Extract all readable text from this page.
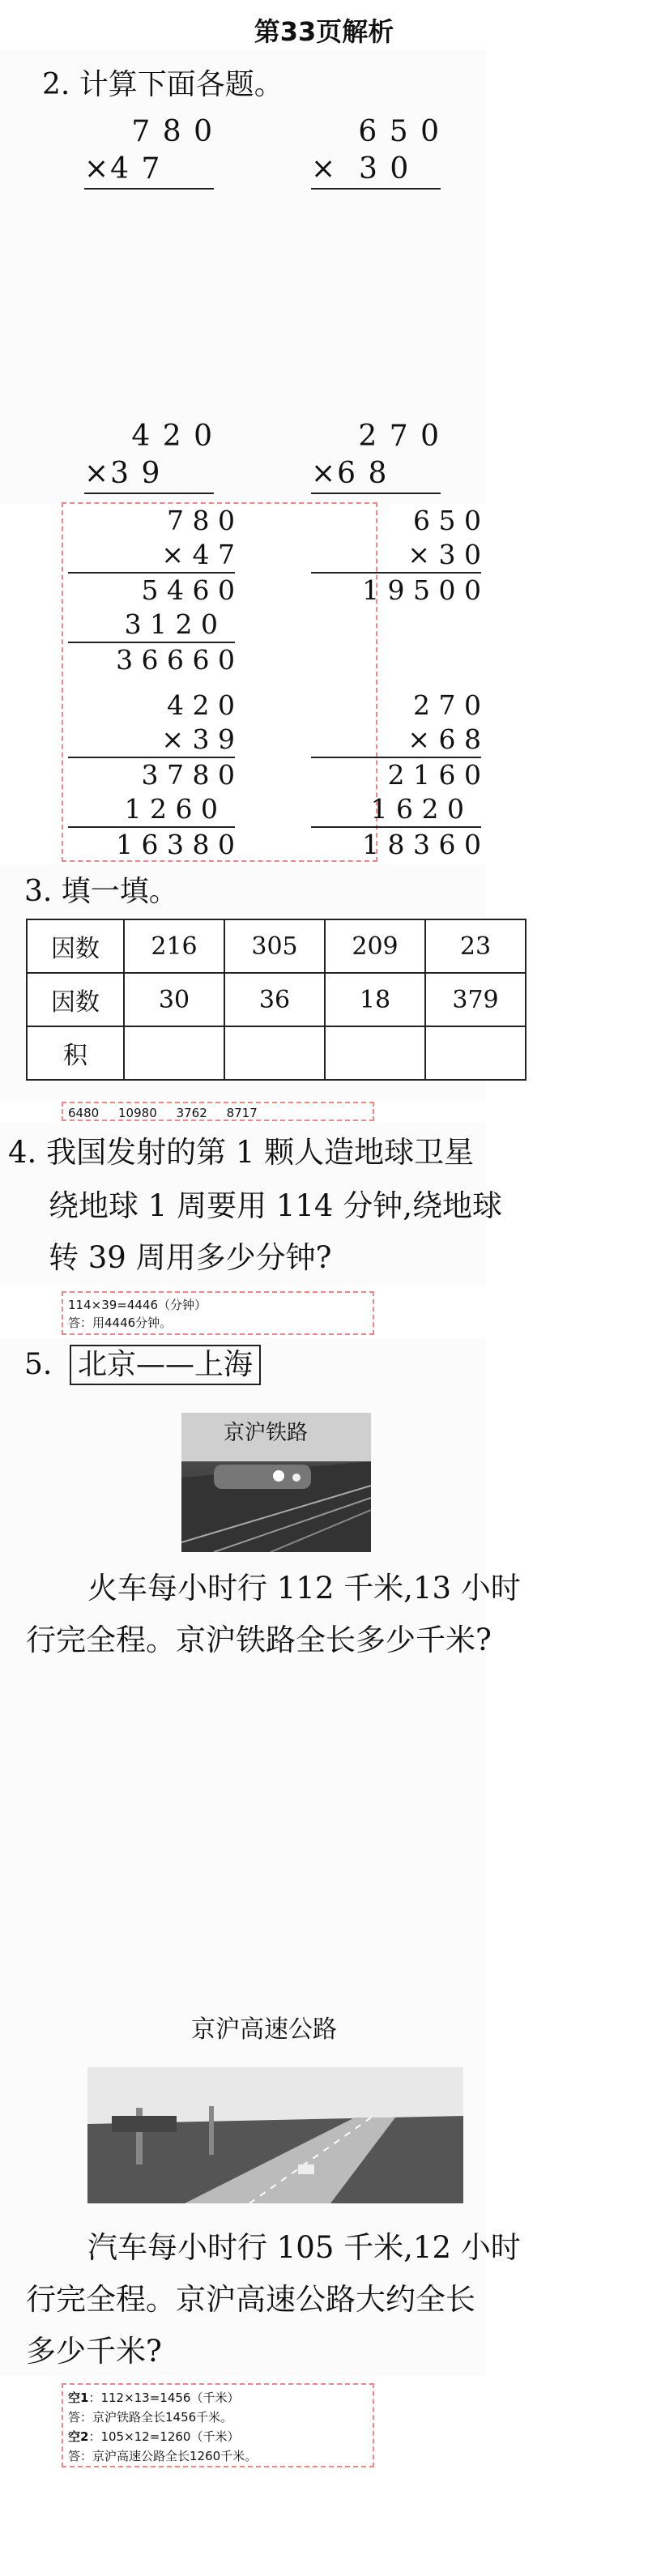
第33页解析
2. 计算下面各题。
7 8 0
×4 7
6 5 0
×  3 0
4 2 0
×3 9
2 7 0
×6 8
7 8 0
× 4 7
5 4 6 0
3 1 2 0
3 6 6 6 0
6 5 0
× 3 0
1 9 5 0 0
4 2 0
× 3 9
3 7 8 0
1 2 6 0
1 6 3 8 0
2 7 0
× 6 8
2 1 6 0
1 6 2 0
1 8 3 6 0
3. 填一填。
因数	216	305	209	23
因数	30	36	18	379
积				
6480     10980     3762     8717
4. 我国发射的第 1 颗人造地球卫星
绕地球 1 周要用 114 分钟,绕地球
转 39 周用多少分钟?
114×39=4446（分钟）
答：用4446分钟。
5. 北京——上海
京沪铁路
火车每小时行 112 千米,13 小时
行完全程。京沪铁路全长多少千米?
京沪高速公路
汽车每小时行 105 千米,12 小时
行完全程。京沪高速公路大约全长
多少千米?
空1：112×13=1456（千米）
答：京沪铁路全长1456千米。
空2：105×12=1260（千米）
答：京沪高速公路全长1260千米。
